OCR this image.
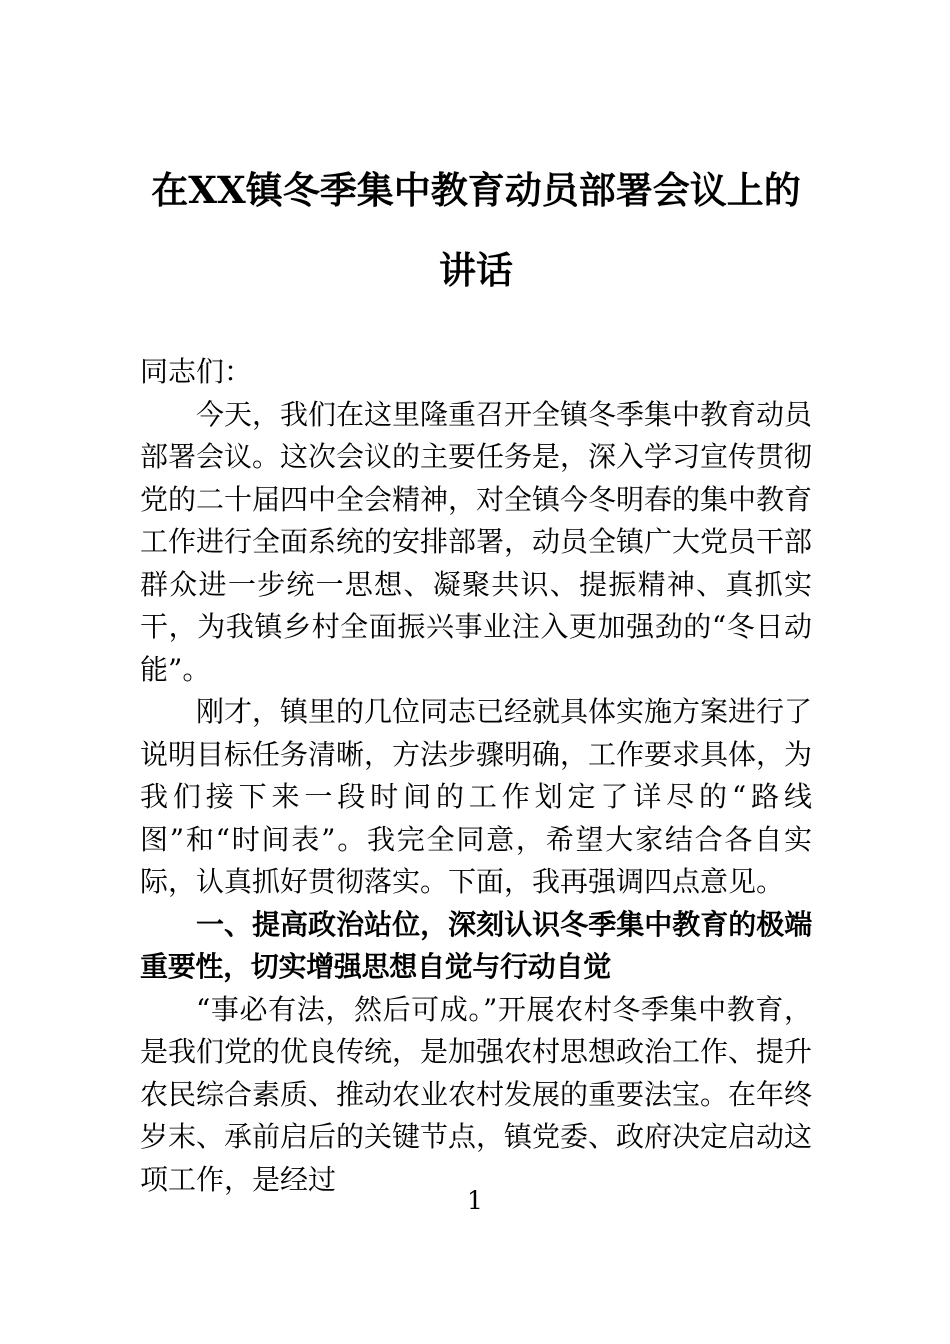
在XX镇冬季集中教育动员部署会议上的讲话

同志们：

今天，我们在这里隆重召开全镇冬季集中教育动员部署会议。这次会议的主要任务是，深入学习宣传贯彻党的二十届四中全会精神，对全镇今冬明春的集中教育工作进行全面系统的安排部署，动员全镇广大党员干部群众进一步统一思想、凝聚共识、提振精神、真抓实干，为我镇乡村全面振兴事业注入更加强劲的“冬日动能”。

刚才，镇里的几位同志已经就具体实施方案进行了说明目标任务清晰，方法步骤明确，工作要求具体，为我们接下来一段时间的工作划定了详尽的“路线图”和“时间表”。我完全同意，希望大家结合各自实际，认真抓好贯彻落实。下面，我再强调四点意见。

一、提高政治站位，深刻认识冬季集中教育的极端重要性，切实增强思想自觉与行动自觉

“事必有法，然后可成。”开展农村冬季集中教育，是我们党的优良传统，是加强农村思想政治工作、提升农民综合素质、推动农业农村发展的重要法宝。在年终岁末、承前启后的关键节点，镇党委、政府决定启动这项工作，是经过

1
